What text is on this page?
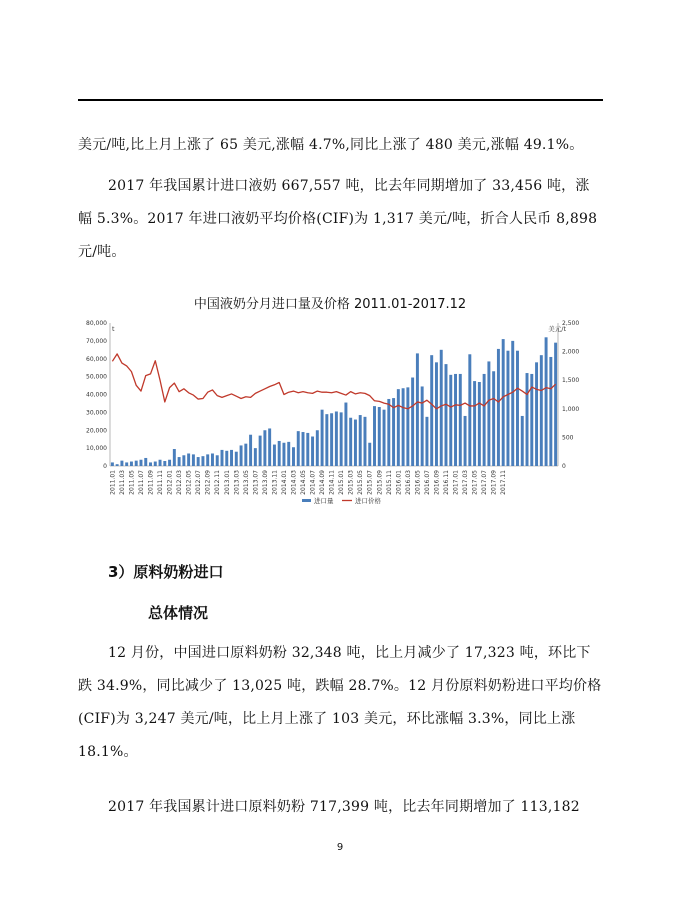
美元/吨,比上月上涨了 65 美元,涨幅 4.7%,同比上涨了 480 美元,涨幅 49.1%。

2017 年我国累计进口液奶 667,557 吨，比去年同期增加了 33,456 吨，涨幅 5.3%。2017 年进口液奶平均价格(CIF)为 1,317 美元/吨，折合人民币 8,898 元/吨。

中国液奶分月进口量及价格 2011.01-2017.12
t	美元/t
0
10,000
20,000
30,000
40,000
50,000
60,000
70,000
80,000
0
500
1,000
1,500
2,000
2,500
2011.01 2011.03 2011.05 2011.07 2011.09 2011.11 2012.01 2012.03 2012.05 2012.07 2012.09 2012.11 2013.01 2013.03 2013.05 2013.07 2013.09 2013.11 2014.01 2014.03 2014.05 2014.07 2014.09 2014.11 2015.01 2015.03 2015.05 2015.07 2015.09 2015.11 2016.01 2016.03 2016.05 2016.07 2016.09 2016.11 2017.01 2017.03 2017.05 2017.07 2017.09 2017.11
进口量	进口价格
3）原料奶粉进口
总体情况

12 月份，中国进口原料奶粉 32,348 吨，比上月减少了 17,323 吨，环比下跌 34.9%，同比减少了 13,025 吨，跌幅 28.7%。12 月份原料奶粉进口平均价格(CIF)为 3,247 美元/吨，比上月上涨了 103 美元，环比涨幅 3.3%，同比上涨 18.1%。

2017 年我国累计进口原料奶粉 717,399 吨，比去年同期增加了 113,182

9
